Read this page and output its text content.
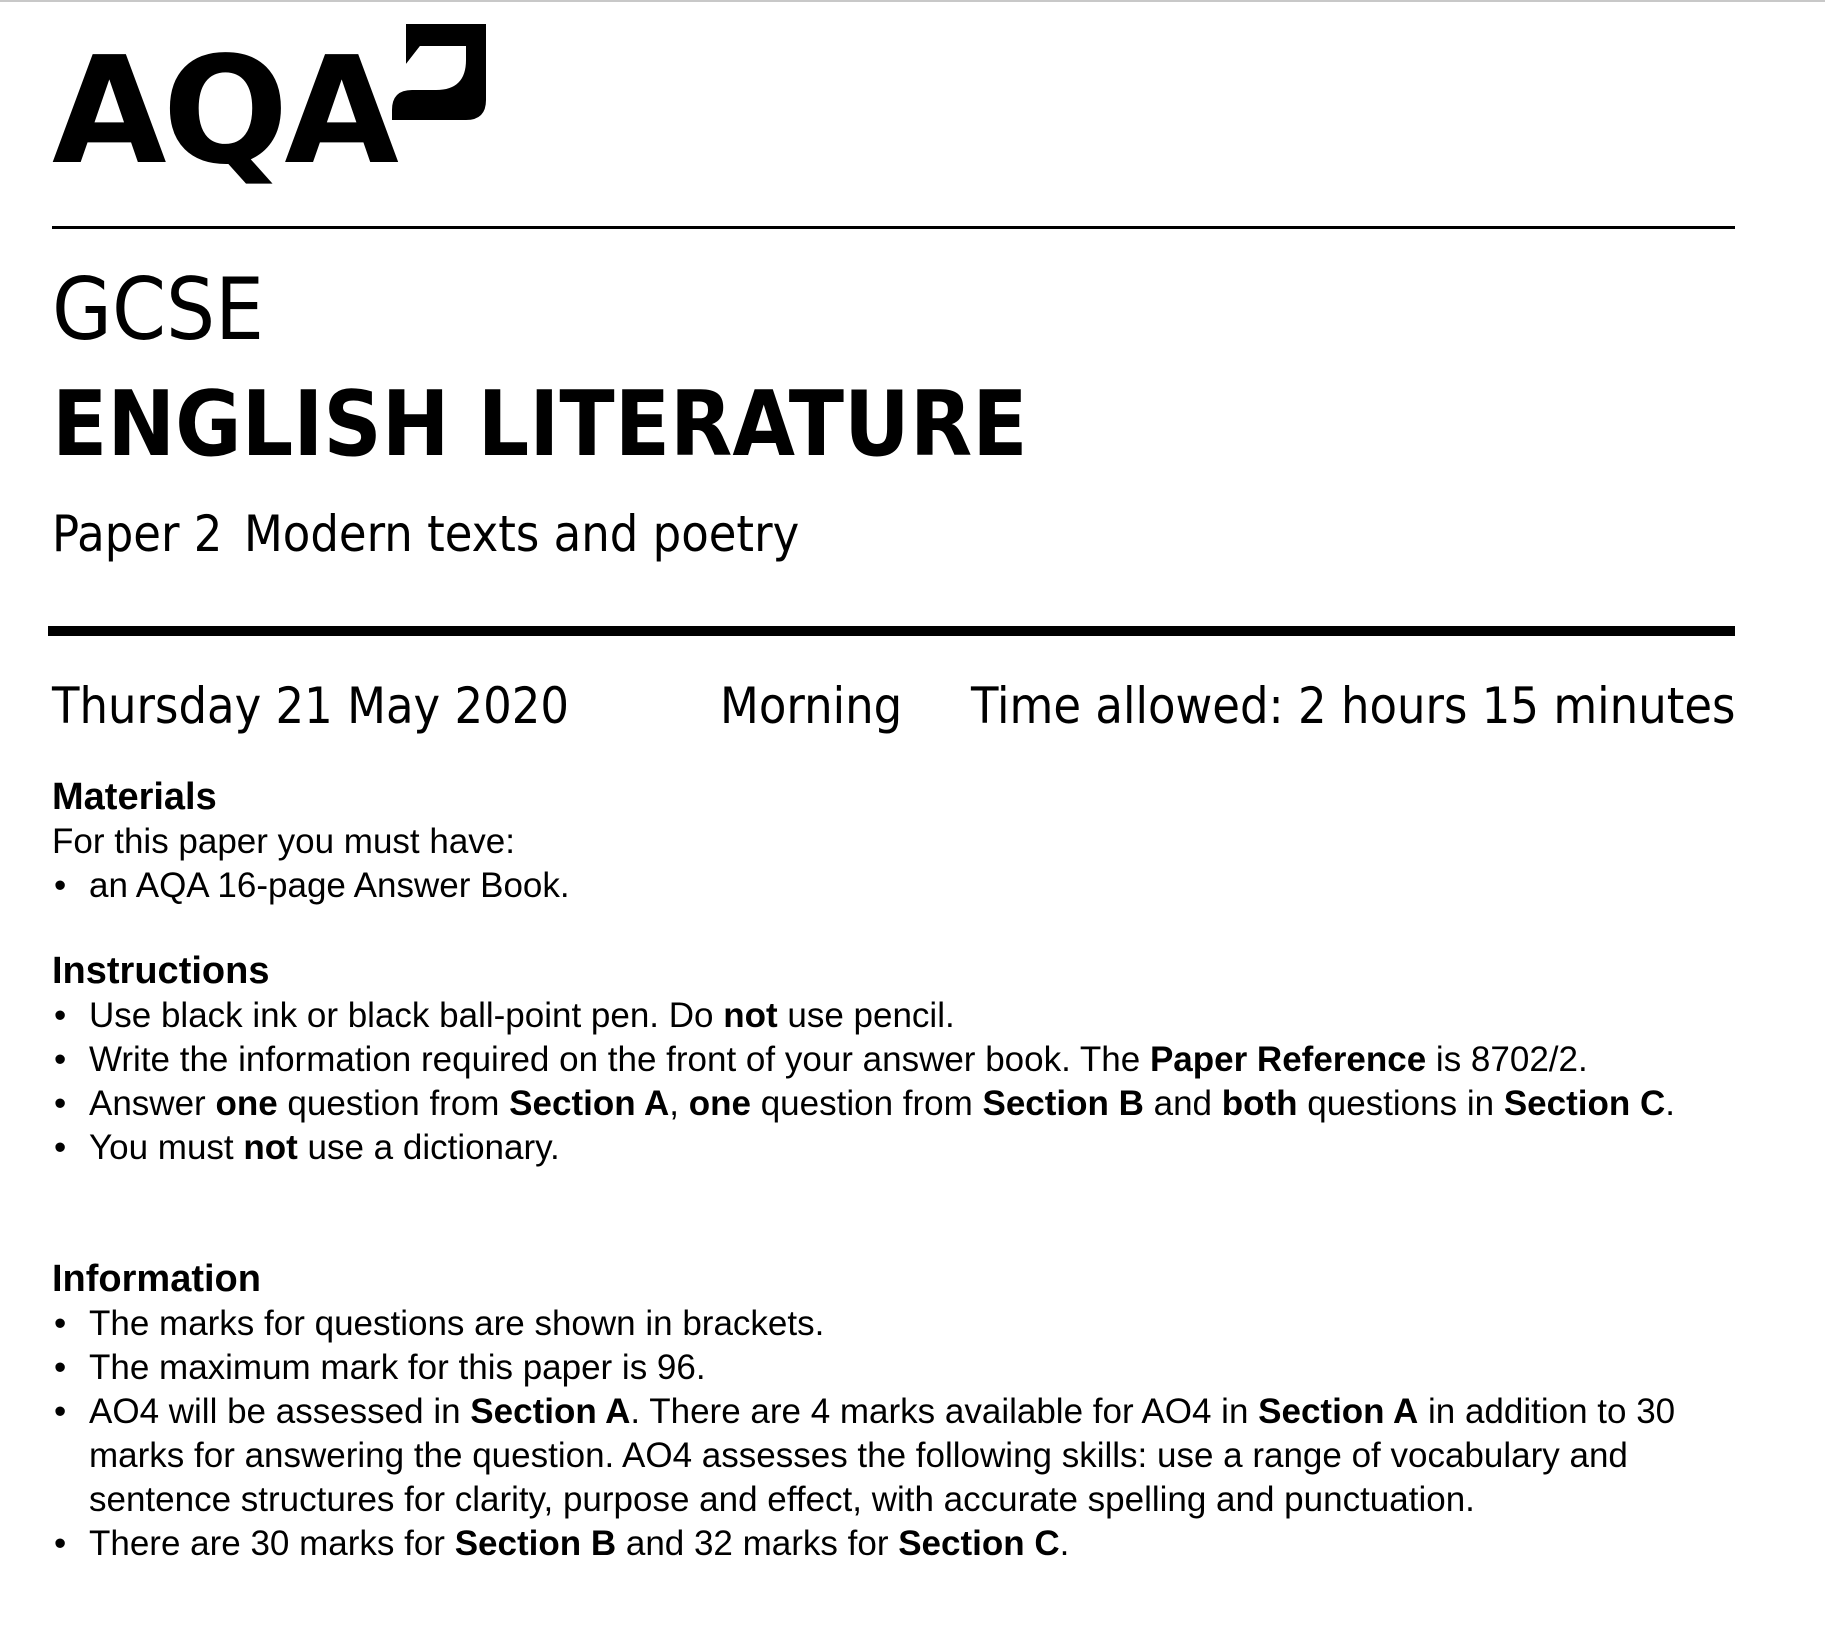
AQA
GCSE
ENGLISH LITERATURE
Paper 2 Modern texts and poetry
Thursday 21 May 2020	Morning Time allowed: 2 hours 15 minutes
Materials

For this paper you must have:

• an AQA 16-page Answer Book.
Instructions
• Use black ink or black ball-point pen. Do not use pencil.
• Write the information required on the front of your answer book. The Paper Reference is 8702/2.
• Answer one question from Section A, one question from Section B and both questions in Section C.
• You must not use a dictionary.
Information
• The marks for questions are shown in brackets.
• The maximum mark for this paper is 96.
• AO4 will be assessed in Section A. There are 4 marks available for AO4 in Section A in addition to 30 marks for answering the question. AO4 assesses the following skills: use a range of vocabulary and sentence structures for clarity, purpose and effect, with accurate spelling and punctuation.
• There are 30 marks for Section B and 32 marks for Section C.
